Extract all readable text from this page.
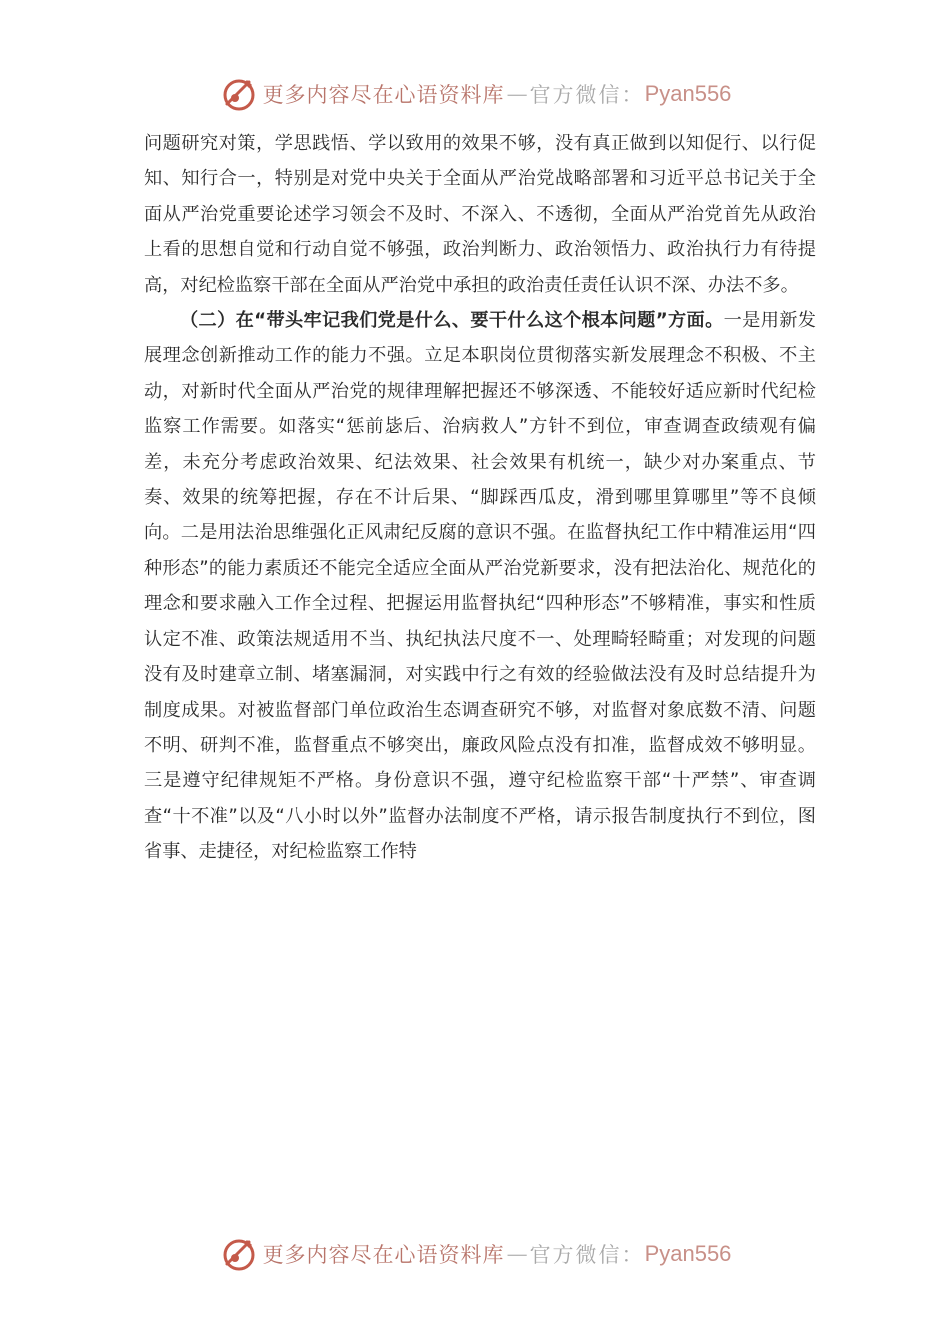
更多内容尽在心语资料库 — 官方微信： Pyan556

问题研究对策，学思践悟、学以致用的效果不够，没有真正做到以知促行、以行促知、知行合一，特别是对党中央关于全面从严治党战略部署和习近平总书记关于全面从严治党重要论述学习领会不及时、不深入、不透彻，全面从严治党首先从政治上看的思想自觉和行动自觉不够强，政治判断力、政治领悟力、政治执行力有待提高，对纪检监察干部在全面从严治党中承担的政治责任责任认识不深、办法不多。

（二）在“带头牢记我们党是什么、要干什么这个根本问题”方面。一是用新发展理念创新推动工作的能力不强。立足本职岗位贯彻落实新发展理念不积极、不主动，对新时代全面从严治党的规律理解把握还不够深透、不能较好适应新时代纪检监察工作需要。如落实“惩前毖后、治病救人”方针不到位，审查调查政绩观有偏差，未充分考虑政治效果、纪法效果、社会效果有机统一，缺少对办案重点、节奏、效果的统筹把握，存在不计后果、“脚踩西瓜皮，滑到哪里算哪里”等不良倾向。二是用法治思维强化正风肃纪反腐的意识不强。在监督执纪工作中精准运用“四种形态”的能力素质还不能完全适应全面从严治党新要求，没有把法治化、规范化的理念和要求融入工作全过程、把握运用监督执纪“四种形态”不够精准，事实和性质认定不准、政策法规适用不当、执纪执法尺度不一、处理畸轻畸重；对发现的问题没有及时建章立制、堵塞漏洞，对实践中行之有效的经验做法没有及时总结提升为制度成果。对被监督部门单位政治生态调查研究不够，对监督对象底数不清、问题不明、研判不准，监督重点不够突出，廉政风险点没有扣准，监督成效不够明显。三是遵守纪律规矩不严格。身份意识不强，遵守纪检监察干部“十严禁”、审查调查“十不准”以及“八小时以外”监督办法制度不严格，请示报告制度执行不到位，图省事、走捷径，对纪检监察工作特

更多内容尽在心语资料库 — 官方微信： Pyan556
